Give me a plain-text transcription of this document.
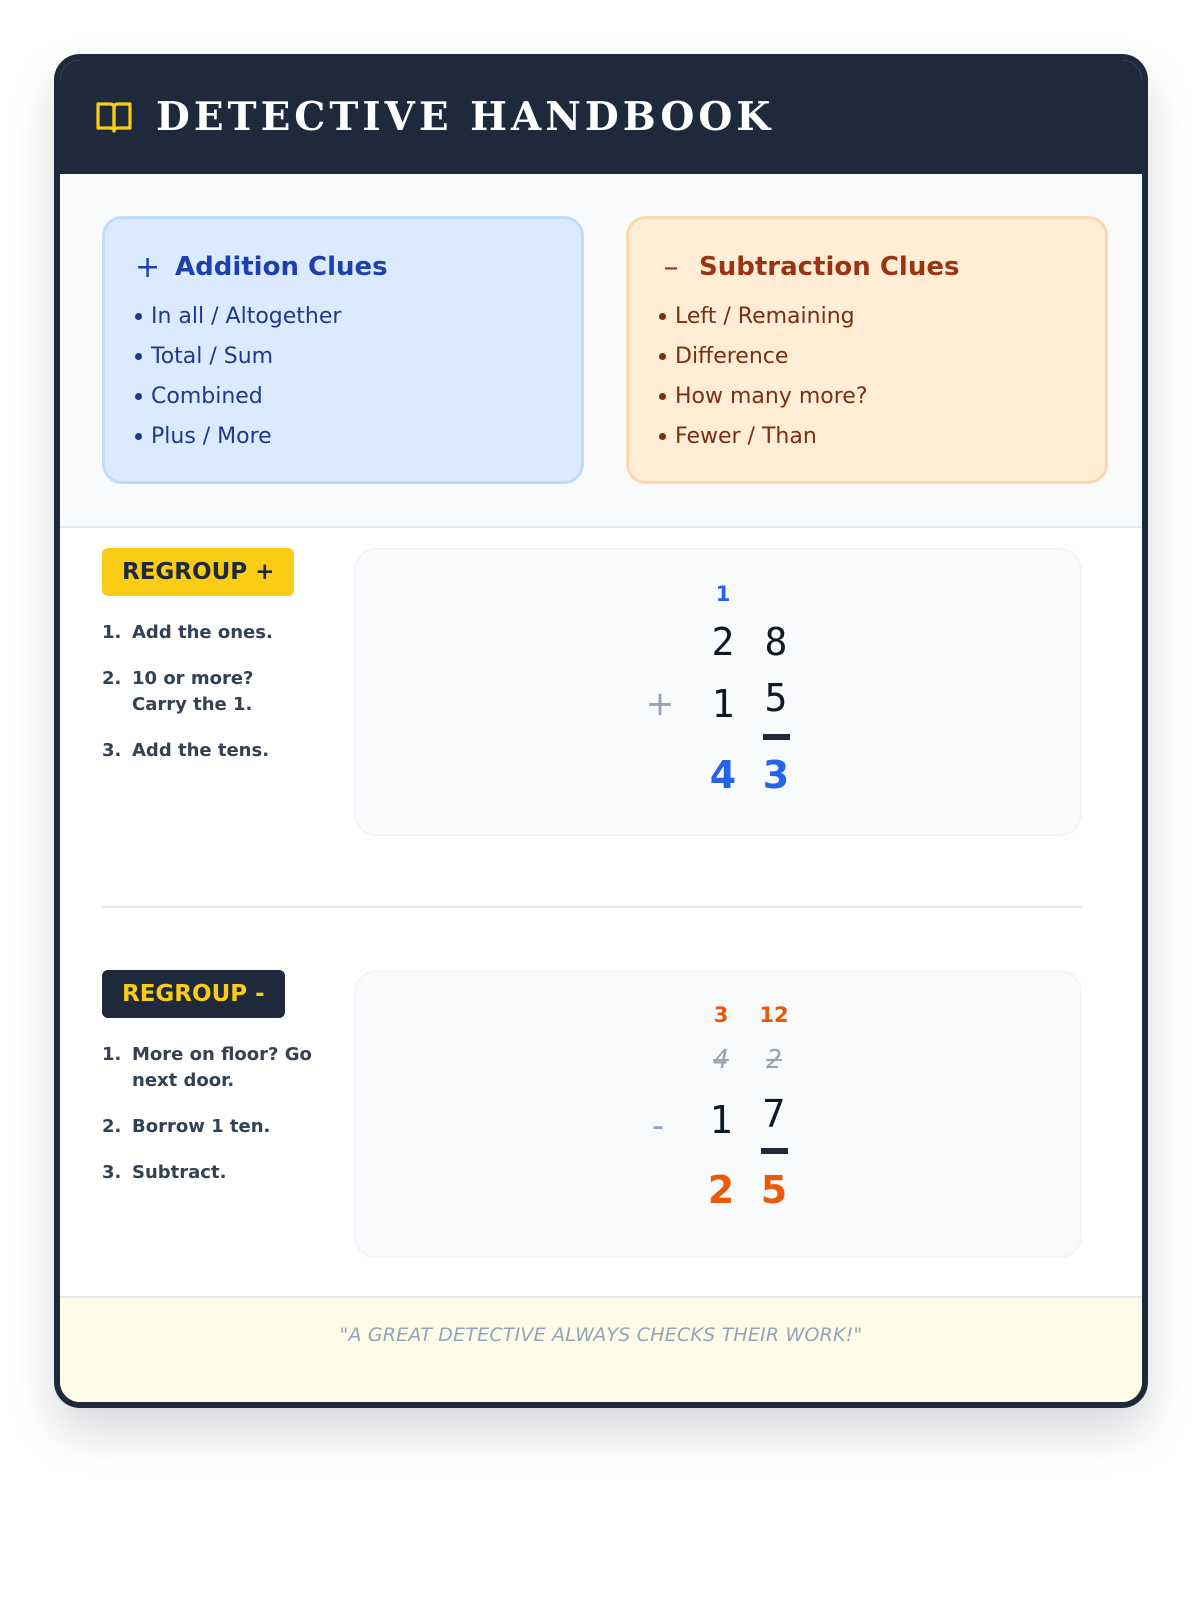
DETECTIVE HANDBOOK
+ Addition Clues
In all / Altogether
Total / Sum
Combined
Plus / More
– Subtraction Clues
Left / Remaining
Difference
How many more?
Fewer / Than
REGROUP +
1. Add the ones.
2. 10 or more? Carry the 1.
3. Add the tens.
1
2 8
+ 1 5
4 3
REGROUP -
1. More on floor? Go next door.
2. Borrow 1 ten.
3. Subtract.
3	12
4	2
-	1 7
2 5
"A GREAT DETECTIVE ALWAYS CHECKS THEIR WORK!"
